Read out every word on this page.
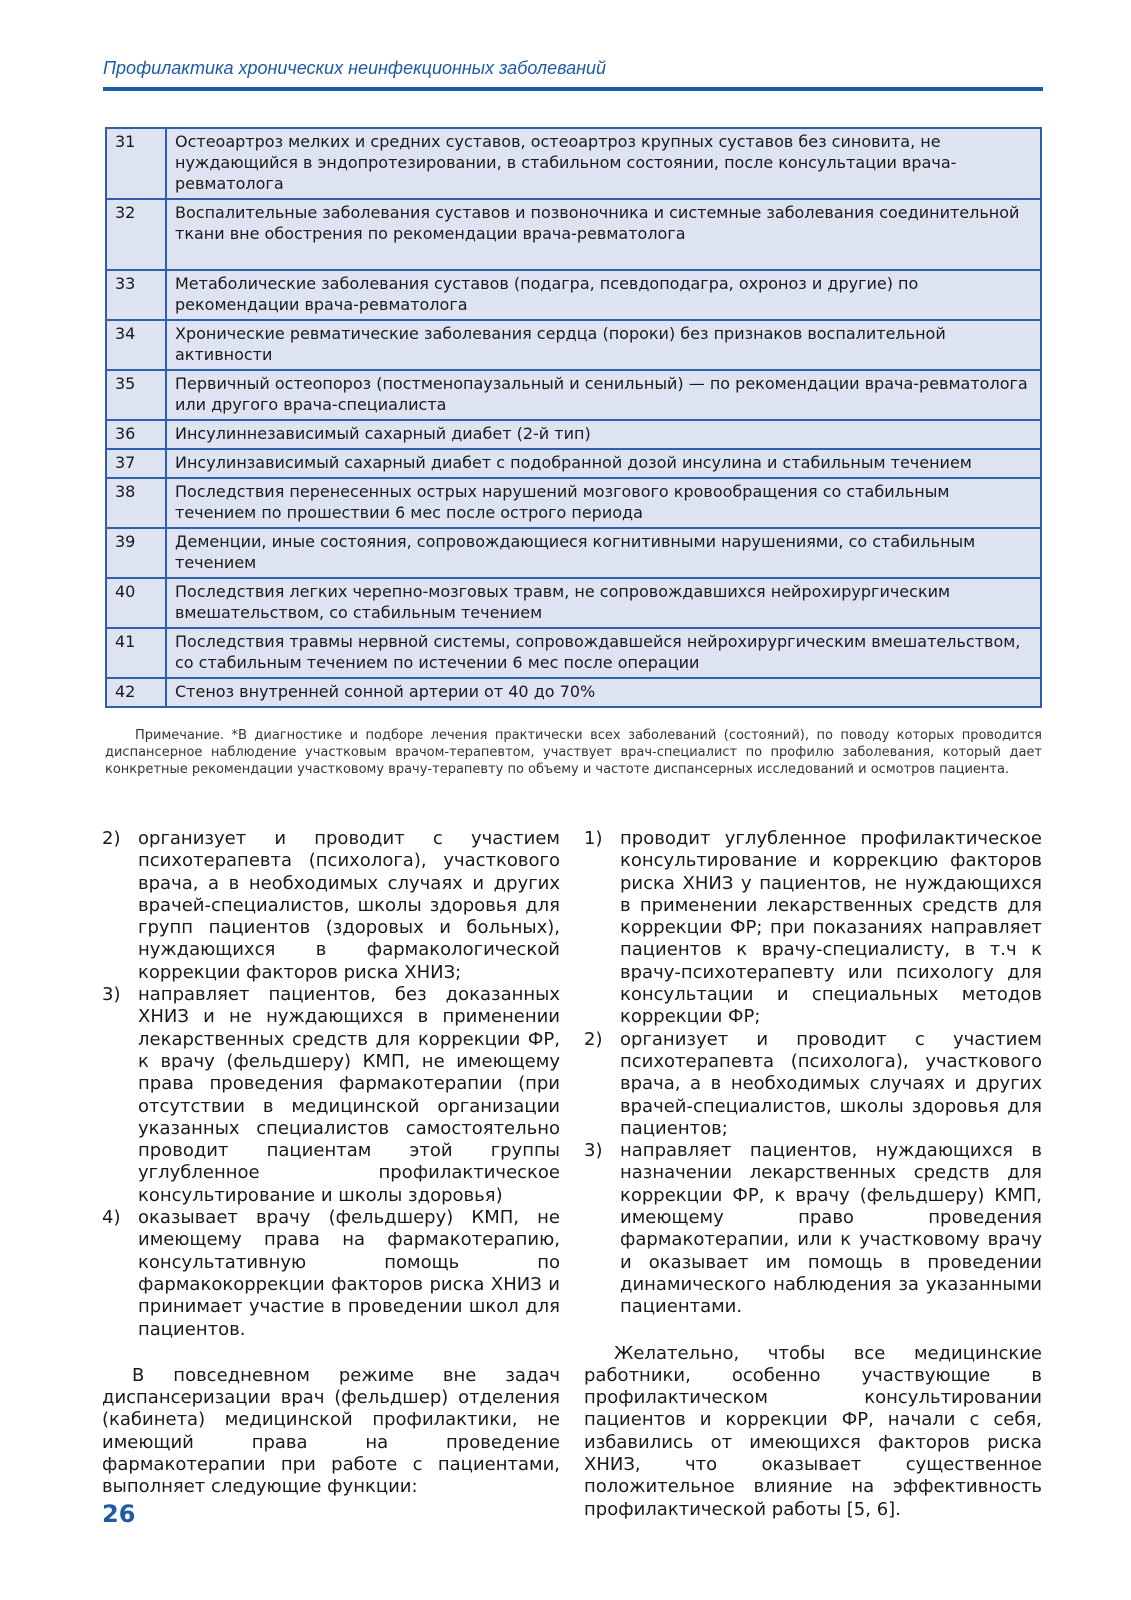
Профилактика хронических неинфекционных заболеваний
31	Остеоартроз мелких и средних суставов, остеоартроз крупных суставов без синовита, не нуждающийся в эндопротезировании, в стабильном состоянии, после консультации врача-ревматолога
32	Воспалительные заболевания суставов и позвоночника и системные заболевания соединительной ткани вне обострения по рекомендации врача-ревматолога
33	Метаболические заболевания суставов (подагра, псевдоподагра, охроноз и другие) по рекомендации врача-ревматолога
34	Хронические ревматические заболевания сердца (пороки) без признаков воспалительной активности
35	Первичный остеопороз (постменопаузальный и сенильный) — по рекомендации врача-ревматолога или другого врача-специалиста
36	Инсулиннезависимый сахарный диабет (2-й тип)
37	Инсулинзависимый сахарный диабет с подобранной дозой инсулина и стабильным течением
38	Последствия перенесенных острых нарушений мозгового кровообращения со стабильным течением по прошествии 6 мес после острого периода
39	Деменции, иные состояния, сопровождающиеся когнитивными нарушениями, со стабильным течением
40	Последствия легких черепно-мозговых травм, не сопровождавшихся нейрохирургическим вмешательством, со стабильным течением
41	Последствия травмы нервной системы, сопровождавшейся нейрохирургическим вмешательством, со стабильным течением по истечении 6 мес после операции
42	Стеноз внутренней сонной артерии от 40 до 70%
Примечание. *В диагностике и подборе лечения практически всех заболеваний (состояний), по поводу которых проводится диспансерное наблюдение участковым врачом-терапевтом, участвует врач-специалист по профилю заболевания, который дает конкретные рекомендации участковому врачу-терапевту по объему и частоте диспансерных исследований и осмотров пациента.
2) организует и проводит с участием психотерапевта (психолога), участкового врача, а в необходимых случаях и других врачей-специалистов, школы здоровья для групп пациентов (здоровых и больных), нуждающихся в фармакологической коррекции факторов риска ХНИЗ;
3) направляет пациентов, без доказанных ХНИЗ и не нуждающихся в применении лекарственных средств для коррекции ФР, к врачу (фельдшеру) КМП, не имеющему права проведения фармакотерапии (при отсутствии в медицинской организации указанных специалистов самостоятельно проводит пациентам этой группы углубленное профилактическое консультирование и школы здоровья)
4) оказывает врачу (фельдшеру) КМП, не имеющему права на фармакотерапию, консультативную помощь по фармакокоррекции факторов риска ХНИЗ и принимает участие в проведении школ для пациентов.

В повседневном режиме вне задач диспансеризации врач (фельдшер) отделения (кабинета) медицинской профилактики, не имеющий права на проведение фармакотерапии при работе с пациентами, выполняет следующие функции:

1) проводит углубленное профилактическое консультирование и коррекцию факторов риска ХНИЗ у пациентов, не нуждающихся в применении лекарственных средств для коррекции ФР; при показаниях направляет пациентов к врачу-специалисту, в т.ч к врачу-психотерапевту или психологу для консультации и специальных методов коррекции ФР;
2) организует и проводит с участием психотерапевта (психолога), участкового врача, а в необходимых случаях и других врачей-специалистов, школы здоровья для пациентов;
3) направляет пациентов, нуждающихся в назначении лекарственных средств для коррекции ФР, к врачу (фельдшеру) КМП, имеющему право проведения фармакотерапии, или к участковому врачу и оказывает им помощь в проведении динамического наблюдения за указанными пациентами.

Желательно, чтобы все медицинские работники, особенно участвующие в профилактическом консультировании пациентов и коррекции ФР, начали с себя, избавились от имеющихся факторов риска ХНИЗ, что оказывает существенное положительное влияние на эффективность профилактической работы [5, 6].

26
